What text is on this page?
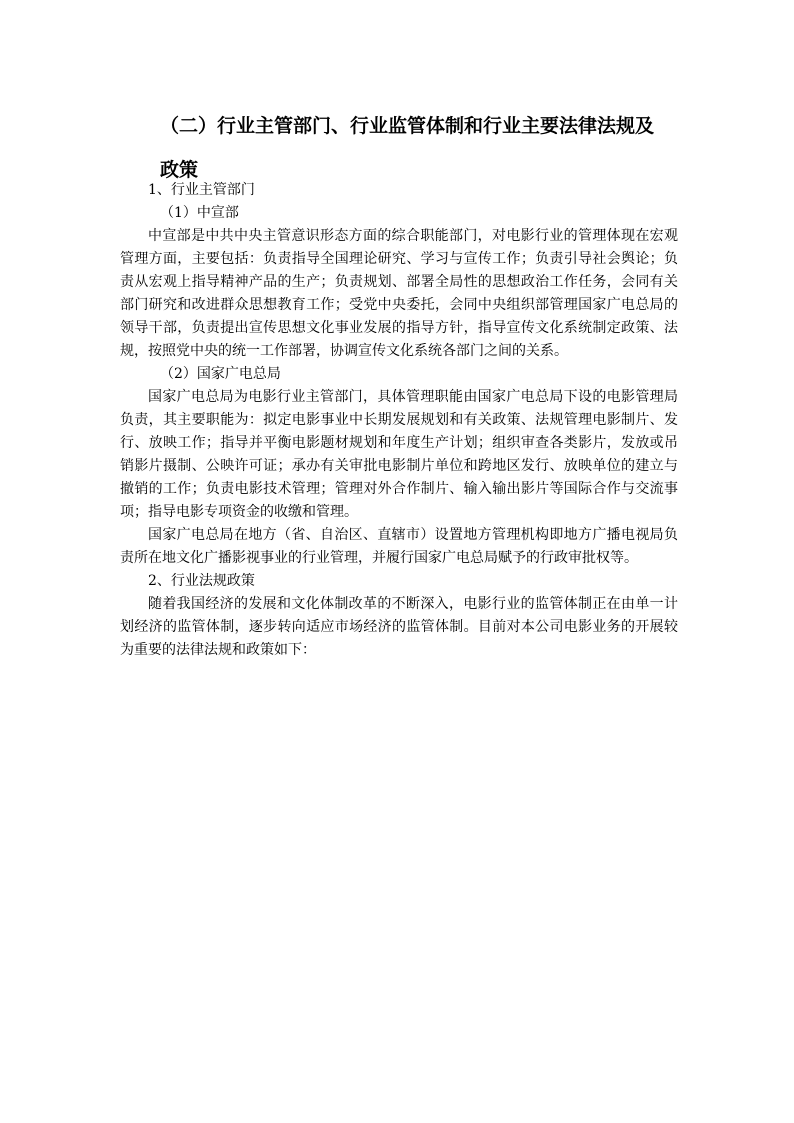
（二）行业主管部门、行业监管体制和行业主要法律法规及
政策

1、行业主管部门

（1）中宣部

中宣部是中共中央主管意识形态方面的综合职能部门，对电影行业的管理体现在宏观管理方面，主要包括：负责指导全国理论研究、学习与宣传工作；负责引导社会舆论；负责从宏观上指导精神产品的生产；负责规划、部署全局性的思想政治工作任务，会同有关部门研究和改进群众思想教育工作；受党中央委托，会同中央组织部管理国家广电总局的领导干部，负责提出宣传思想文化事业发展的指导方针，指导宣传文化系统制定政策、法规，按照党中央的统一工作部署，协调宣传文化系统各部门之间的关系。

（2）国家广电总局

国家广电总局为电影行业主管部门，具体管理职能由国家广电总局下设的电影管理局负责，其主要职能为：拟定电影事业中长期发展规划和有关政策、法规管理电影制片、发行、放映工作；指导并平衡电影题材规划和年度生产计划；组织审查各类影片，发放或吊销影片摄制、公映许可证；承办有关审批电影制片单位和跨地区发行、放映单位的建立与撤销的工作；负责电影技术管理；管理对外合作制片、输入输出影片等国际合作与交流事项；指导电影专项资金的收缴和管理。

国家广电总局在地方（省、自治区、直辖市）设置地方管理机构即地方广播电视局负责所在地文化广播影视事业的行业管理，并履行国家广电总局赋予的行政审批权等。

2、行业法规政策

随着我国经济的发展和文化体制改革的不断深入，电影行业的监管体制正在由单一计划经济的监管体制，逐步转向适应市场经济的监管体制。目前对本公司电影业务的开展较为重要的法律法规和政策如下：
